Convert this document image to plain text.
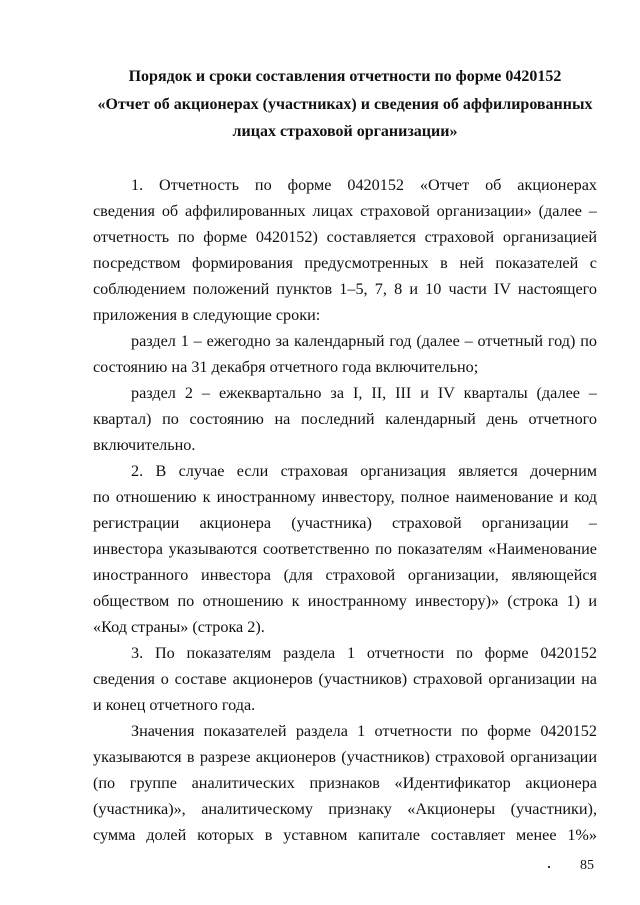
Порядок и сроки составления отчетности по форме 0420152
«Отчет об акционерах (участниках) и сведения об аффилированных
лицах страховой организации»
1. Отчетность по форме 0420152 «Отчет об акционерах
сведения об аффилированных лицах страховой организации» (далее –
отчетность по форме 0420152) составляется страховой организацией
посредством формирования предусмотренных в ней показателей с
соблюдением положений пунктов 1–5, 7, 8 и 10 части IV настоящего
приложения в следующие сроки:
раздел 1 – ежегодно за календарный год (далее – отчетный год) по
состоянию на 31 декабря отчетного года включительно;
раздел 2 – ежеквартально за I, II, III и IV кварталы (далее –
квартал) по состоянию на последний календарный день отчетного
включительно.
2. В случае если страховая организация является дочерним
по отношению к иностранному инвестору, полное наименование и код
регистрации акционера (участника) страховой организации –
инвестора указываются соответственно по показателям «Наименование
иностранного инвестора (для страховой организации, являющейся
обществом по отношению к иностранному инвестору)» (строка 1) и
«Код страны» (строка 2).
3. По показателям раздела 1 отчетности по форме 0420152
сведения о составе акционеров (участников) страховой организации на
и конец отчетного года.
Значения показателей раздела 1 отчетности по форме 0420152
указываются в разрезе акционеров (участников) страховой организации
(по группе аналитических признаков «Идентификатор акционера
(участника)», аналитическому признаку «Акционеры (участники),
сумма долей которых в уставном капитале составляет менее 1%»
85
